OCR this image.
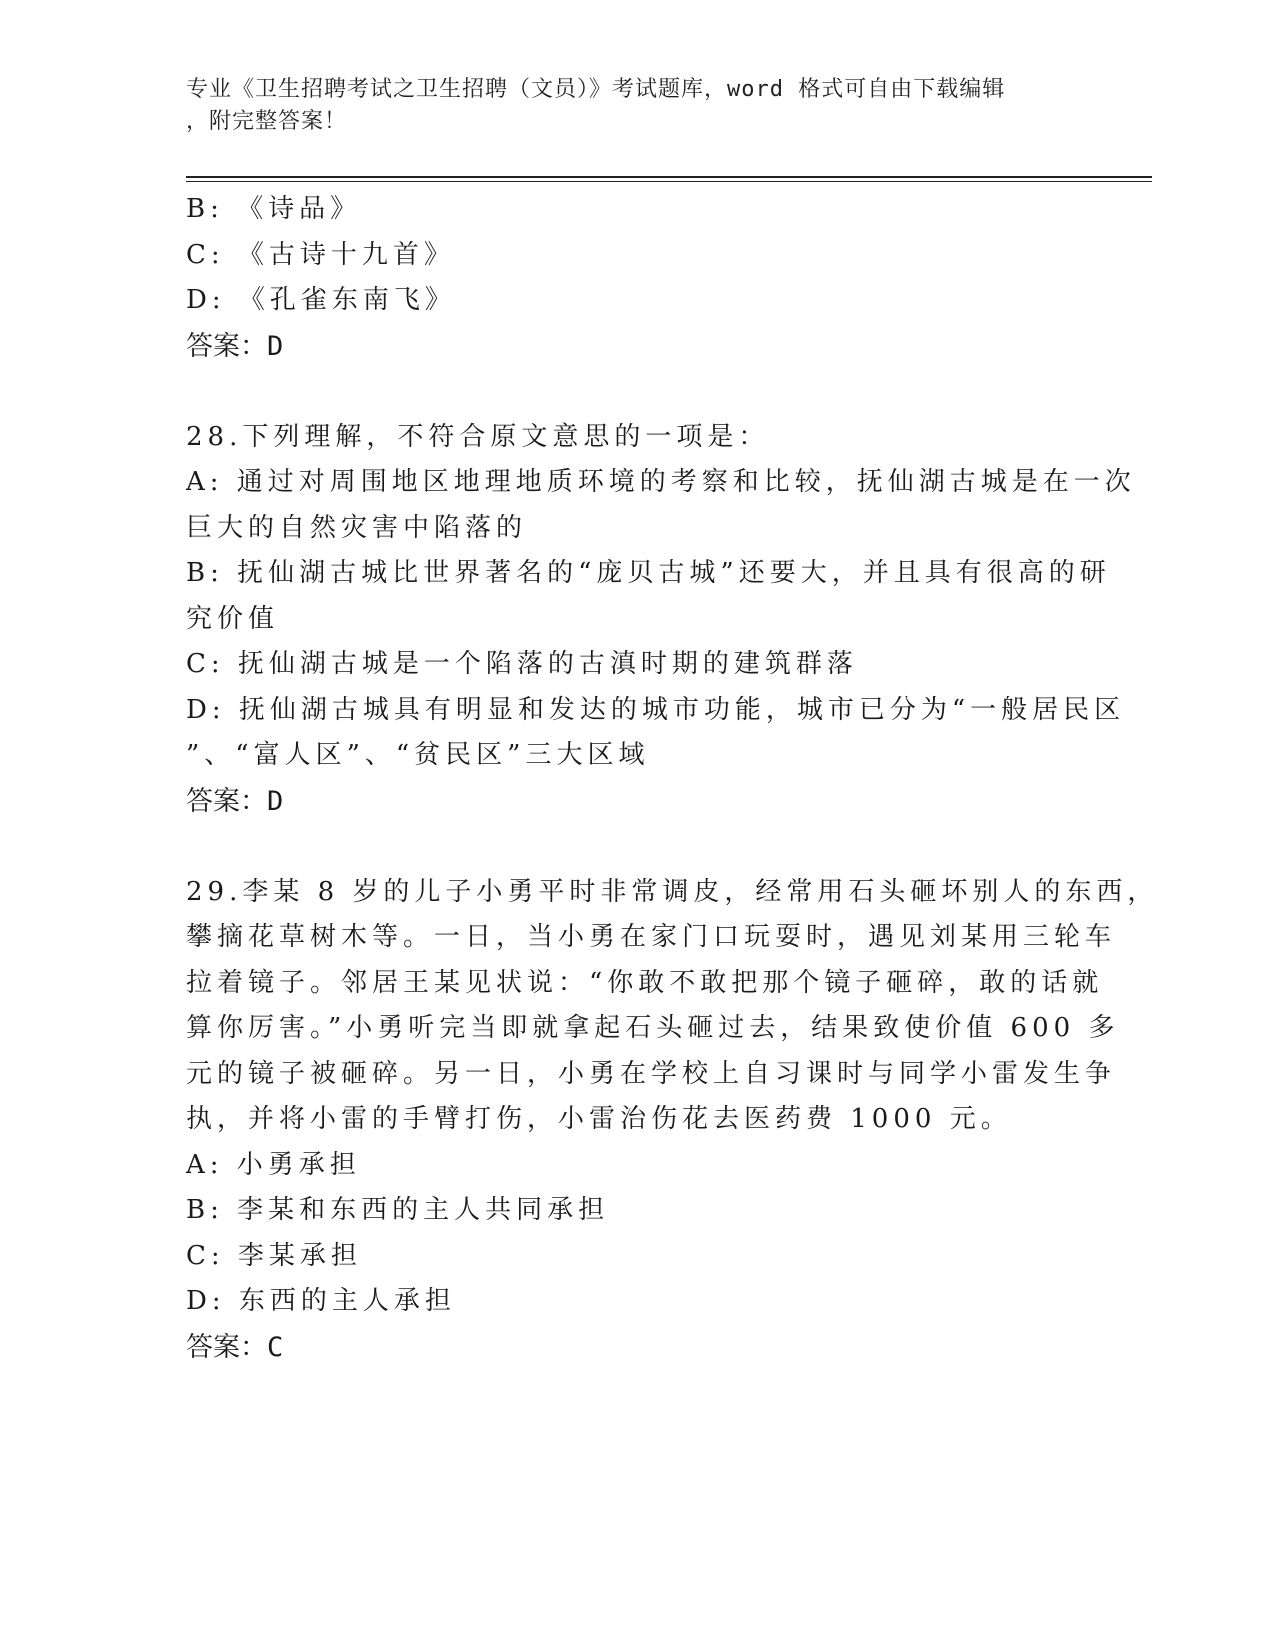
专业《卫生招聘考试之卫生招聘（文员）》考试题库，word 格式可自由下载编辑
，附完整答案！
B: 《诗品》
C: 《古诗十九首》
D: 《孔雀东南飞》
答案：D
28.下列理解，不符合原文意思的一项是：
A: 通过对周围地区地理地质环境的考察和比较，抚仙湖古城是在一次
巨大的自然灾害中陷落的
B: 抚仙湖古城比世界著名的“庞贝古城”还要大，并且具有很高的研
究价值
C: 抚仙湖古城是一个陷落的古滇时期的建筑群落
D: 抚仙湖古城具有明显和发达的城市功能，城市已分为“一般居民区
”、“富人区”、“贫民区”三大区域
答案：D
29.李某 8 岁的儿子小勇平时非常调皮，经常用石头砸坏别人的东西，
攀摘花草树木等。一日，当小勇在家门口玩耍时，遇见刘某用三轮车
拉着镜子。邻居王某见状说：“你敢不敢把那个镜子砸碎，敢的话就
算你厉害。”小勇听完当即就拿起石头砸过去，结果致使价值 600 多
元的镜子被砸碎。另一日，小勇在学校上自习课时与同学小雷发生争
执，并将小雷的手臂打伤，小雷治伤花去医药费 1000 元。
A: 小勇承担
B: 李某和东西的主人共同承担
C: 李某承担
D: 东西的主人承担
答案：C
